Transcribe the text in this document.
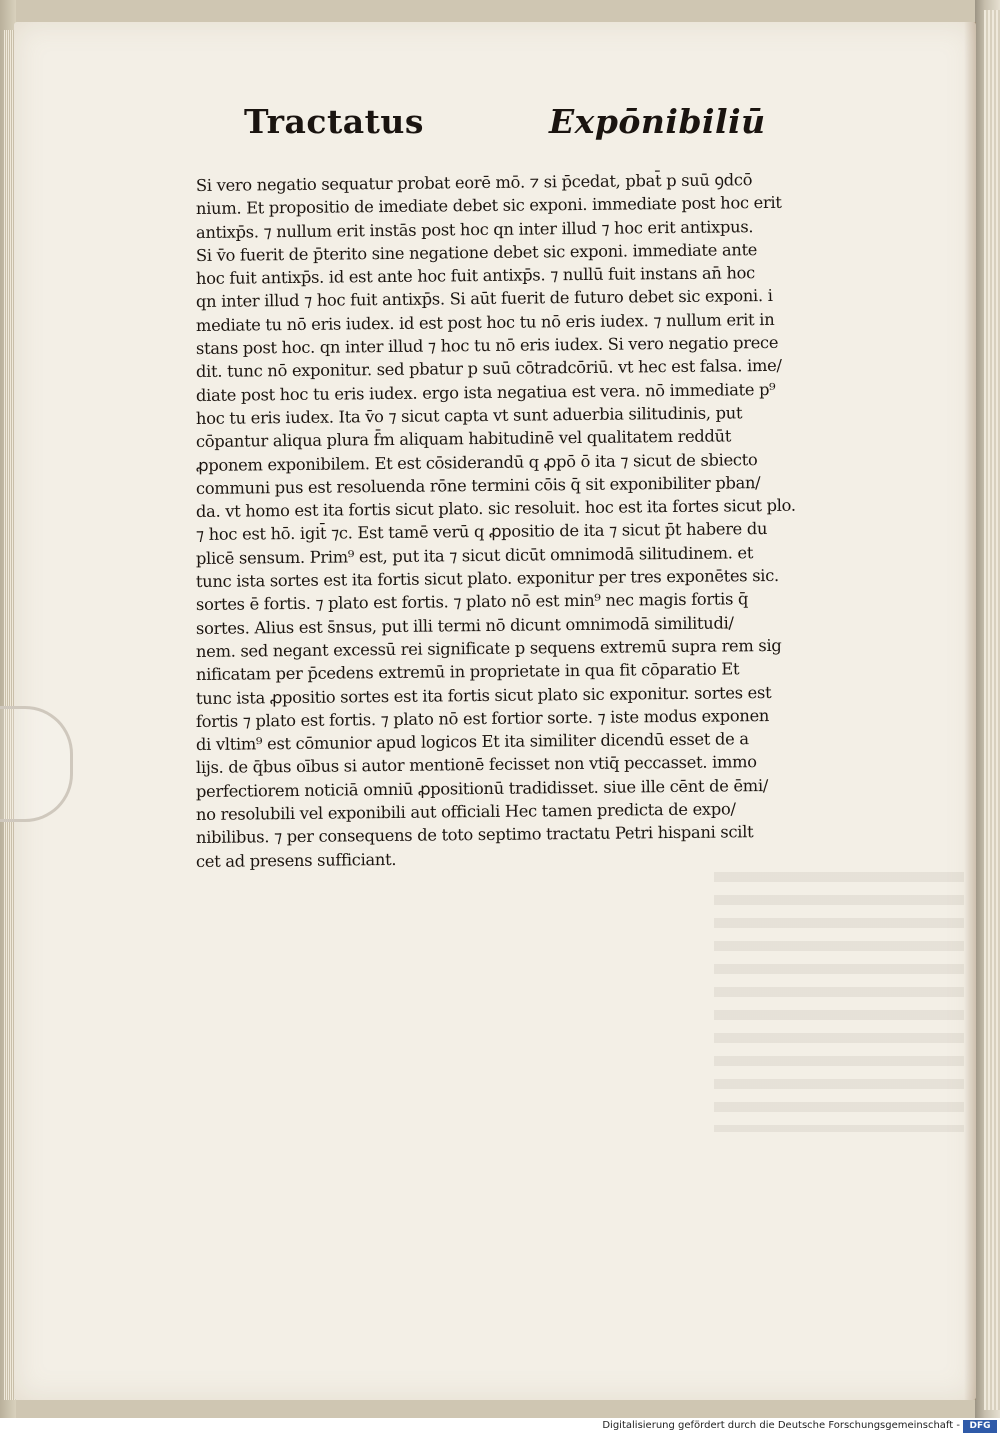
Tractatus	Expōnibiliū
Si vero negatio sequatur probat eorē mō. ⁊ si p̄cedat, pbat̄ p suū ꝯdcō
nium. Et propositio de imediate debet sic exponi. immediate post hoc erit
antixp̄s. ⁊ nullum erit instās post hoc qn inter illud ⁊ hoc erit antixpus.
Si v̄o fuerit de p̄terito sine negatione debet sic exponi. immediate ante
hoc fuit antixp̄s. id est ante hoc fuit antixp̄s. ⁊ nullū fuit instans an̄ hoc
qn inter illud ⁊ hoc fuit antixp̄s. Si aūt fuerit de futuro debet sic exponi. i
mediate tu nō eris iudex. id est post hoc tu nō eris iudex. ⁊ nullum erit in
stans post hoc. qn inter illud ⁊ hoc tu nō eris iudex. Si vero negatio prece
dit. tunc nō exponitur. sed pbatur p suū cōtradcōriū. vt hec est falsa. ime/
diate post hoc tu eris iudex. ergo ista negatiua est vera. nō immediate p⁹
hoc tu eris iudex. Ita v̄o ⁊ sicut capta vt sunt aduerbia silitudinis, put
cōpantur aliqua plura f̄m aliquam habitudinē vel qualitatem reddūt
ꝓponem exponibilem. Et est cōsiderandū q ꝓpō ō ita ⁊ sicut de sbiecto
communi pus est resoluenda rōne termini cōis q̄ sit exponibiliter pban/
da. vt homo est ita fortis sicut plato. sic resoluit. hoc est ita fortes sicut plo.
⁊ hoc est hō. igit̄ ⁊c. Est tamē verū q ꝓpositio de ita ⁊ sicut p̄t habere du
plicē sensum. Prim⁹ est, put ita ⁊ sicut dicūt omnimodā silitudinem. et
tunc ista sortes est ita fortis sicut plato. exponitur per tres exponētes sic.
sortes ē fortis. ⁊ plato est fortis. ⁊ plato nō est min⁹ nec magis fortis q̄
sortes. Alius est s̄nsus, put illi termi nō dicunt omnimodā similitudi/
nem. sed negant excessū rei significate p sequens extremū supra rem sig
nificatam per p̄cedens extremū in proprietate in qua fit cōparatio Et
tunc ista ꝓpositio sortes est ita fortis sicut plato sic exponitur. sortes est
fortis ⁊ plato est fortis. ⁊ plato nō est fortior sorte. ⁊ iste modus exponen
di vltim⁹ est cōmunior apud logicos Et ita similiter dicendū esset de a
lijs. de q̄bus oībus si autor mentionē fecisset non vtiq̄ peccasset. immo
perfectiorem noticiā omniū ꝓpositionū tradidisset. siue ille cēnt de ēmi/
no resolubili vel exponibili aut officiali Hec tamen predicta de expo/
nibilibus. ⁊ per consequens de toto septimo tractatu Petri hispani scilt
cet ad presens sufficiant.
Digitalisierung gefördert durch die Deutsche Forschungsgemeinschaft -	DFG
